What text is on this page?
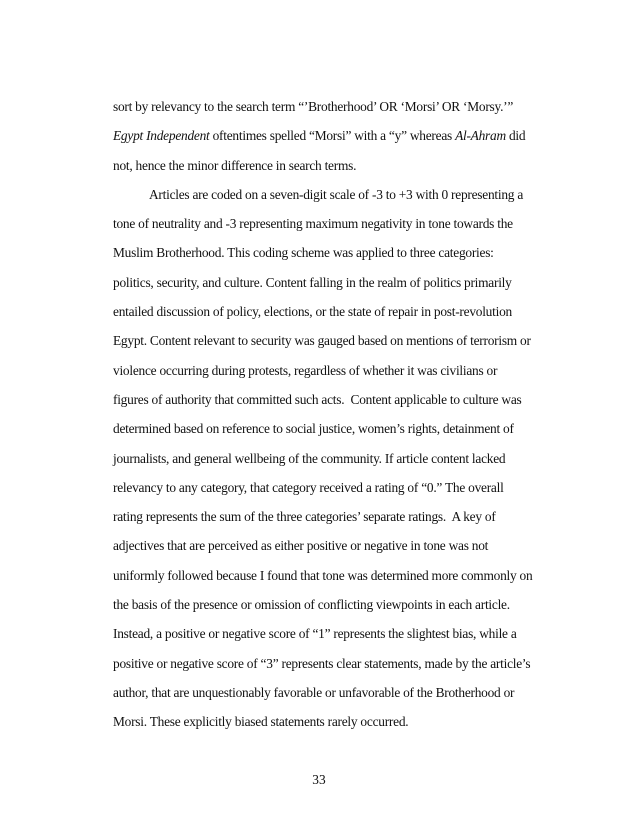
sort by relevancy to the search term “’Brotherhood’ OR ‘Morsi’ OR ‘Morsy.’”
Egypt Independent oftentimes spelled “Morsi” with a “y” whereas Al-Ahram did
not, hence the minor difference in search terms.
Articles are coded on a seven-digit scale of -3 to +3 with 0 representing a
tone of neutrality and -3 representing maximum negativity in tone towards the
Muslim Brotherhood. This coding scheme was applied to three categories:
politics, security, and culture. Content falling in the realm of politics primarily
entailed discussion of policy, elections, or the state of repair in post-revolution
Egypt. Content relevant to security was gauged based on mentions of terrorism or
violence occurring during protests, regardless of whether it was civilians or
figures of authority that committed such acts.  Content applicable to culture was
determined based on reference to social justice, women’s rights, detainment of
journalists, and general wellbeing of the community. If article content lacked
relevancy to any category, that category received a rating of “0.” The overall
rating represents the sum of the three categories’ separate ratings.  A key of
adjectives that are perceived as either positive or negative in tone was not
uniformly followed because I found that tone was determined more commonly on
the basis of the presence or omission of conflicting viewpoints in each article.
Instead, a positive or negative score of “1” represents the slightest bias, while a
positive or negative score of “3” represents clear statements, made by the article’s
author, that are unquestionably favorable or unfavorable of the Brotherhood or
Morsi. These explicitly biased statements rarely occurred.
33
